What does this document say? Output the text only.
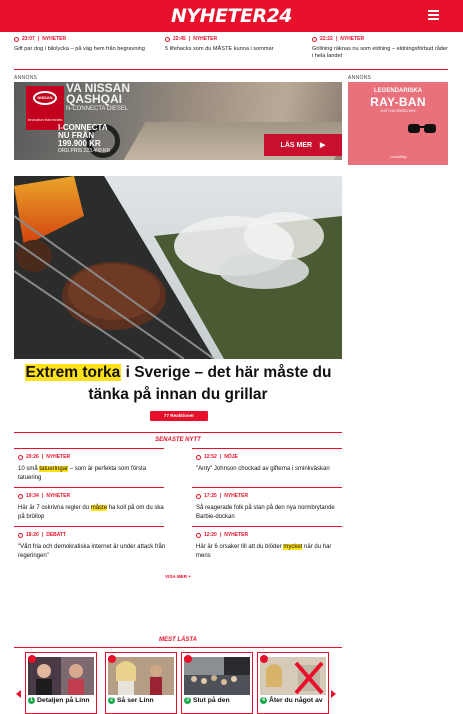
NYHETER24
23:07 | NYHETER
Gift par dog i bilolycka – på väg hem från begravning
22:45 | NYHETER
5 lifehacks som du MÅSTE kunna i sommar
22:22 | NYHETER
Grillning räknas nu som eldning – eldningsförbud råder i hela landet
ANNONS	ANNONS
NISSAN
Innovation that excites
VA NISSAN
QASHQAI
N-CONNECTA DIESEL
I-CONNECTA
NU FRÅN
199.900 KR
ORD.PRIS 223.400 KR
LÄS MER ▶
LEGENDARISKA
RAY-BAN
JUST NU SPARA 25%
LensWay
Extrem torka i Sverige – det här måste du tänka på innan du grillar
77 Reaktioner
SENASTE NYTT
20:26 | NYHETER
10 små tatueringar – som är perfekta som första tatuering
12:52 | NÖJE
"Anty" Johnson chockad av gifterna i sminkväskan
19:34 | NYHETER
Här är 7 oskrivna regler du måste ha koll på om du ska på bröllop
17:25 | NYHETER
Så reagerade folk på stan på den nya normbrytande Barbie-dockan
18:20 | DEBATT
"Vårt fria och demokratiska internet är under attack från regeringen"
12:20 | NYHETER
Här är 6 orsaker till att du blöder mycket när du har mens
VISA MER +
MEST LÄSTA
1 Detaljen på Linn	2 Så ser Linn	3 Slut på den	4 Åter du något av
